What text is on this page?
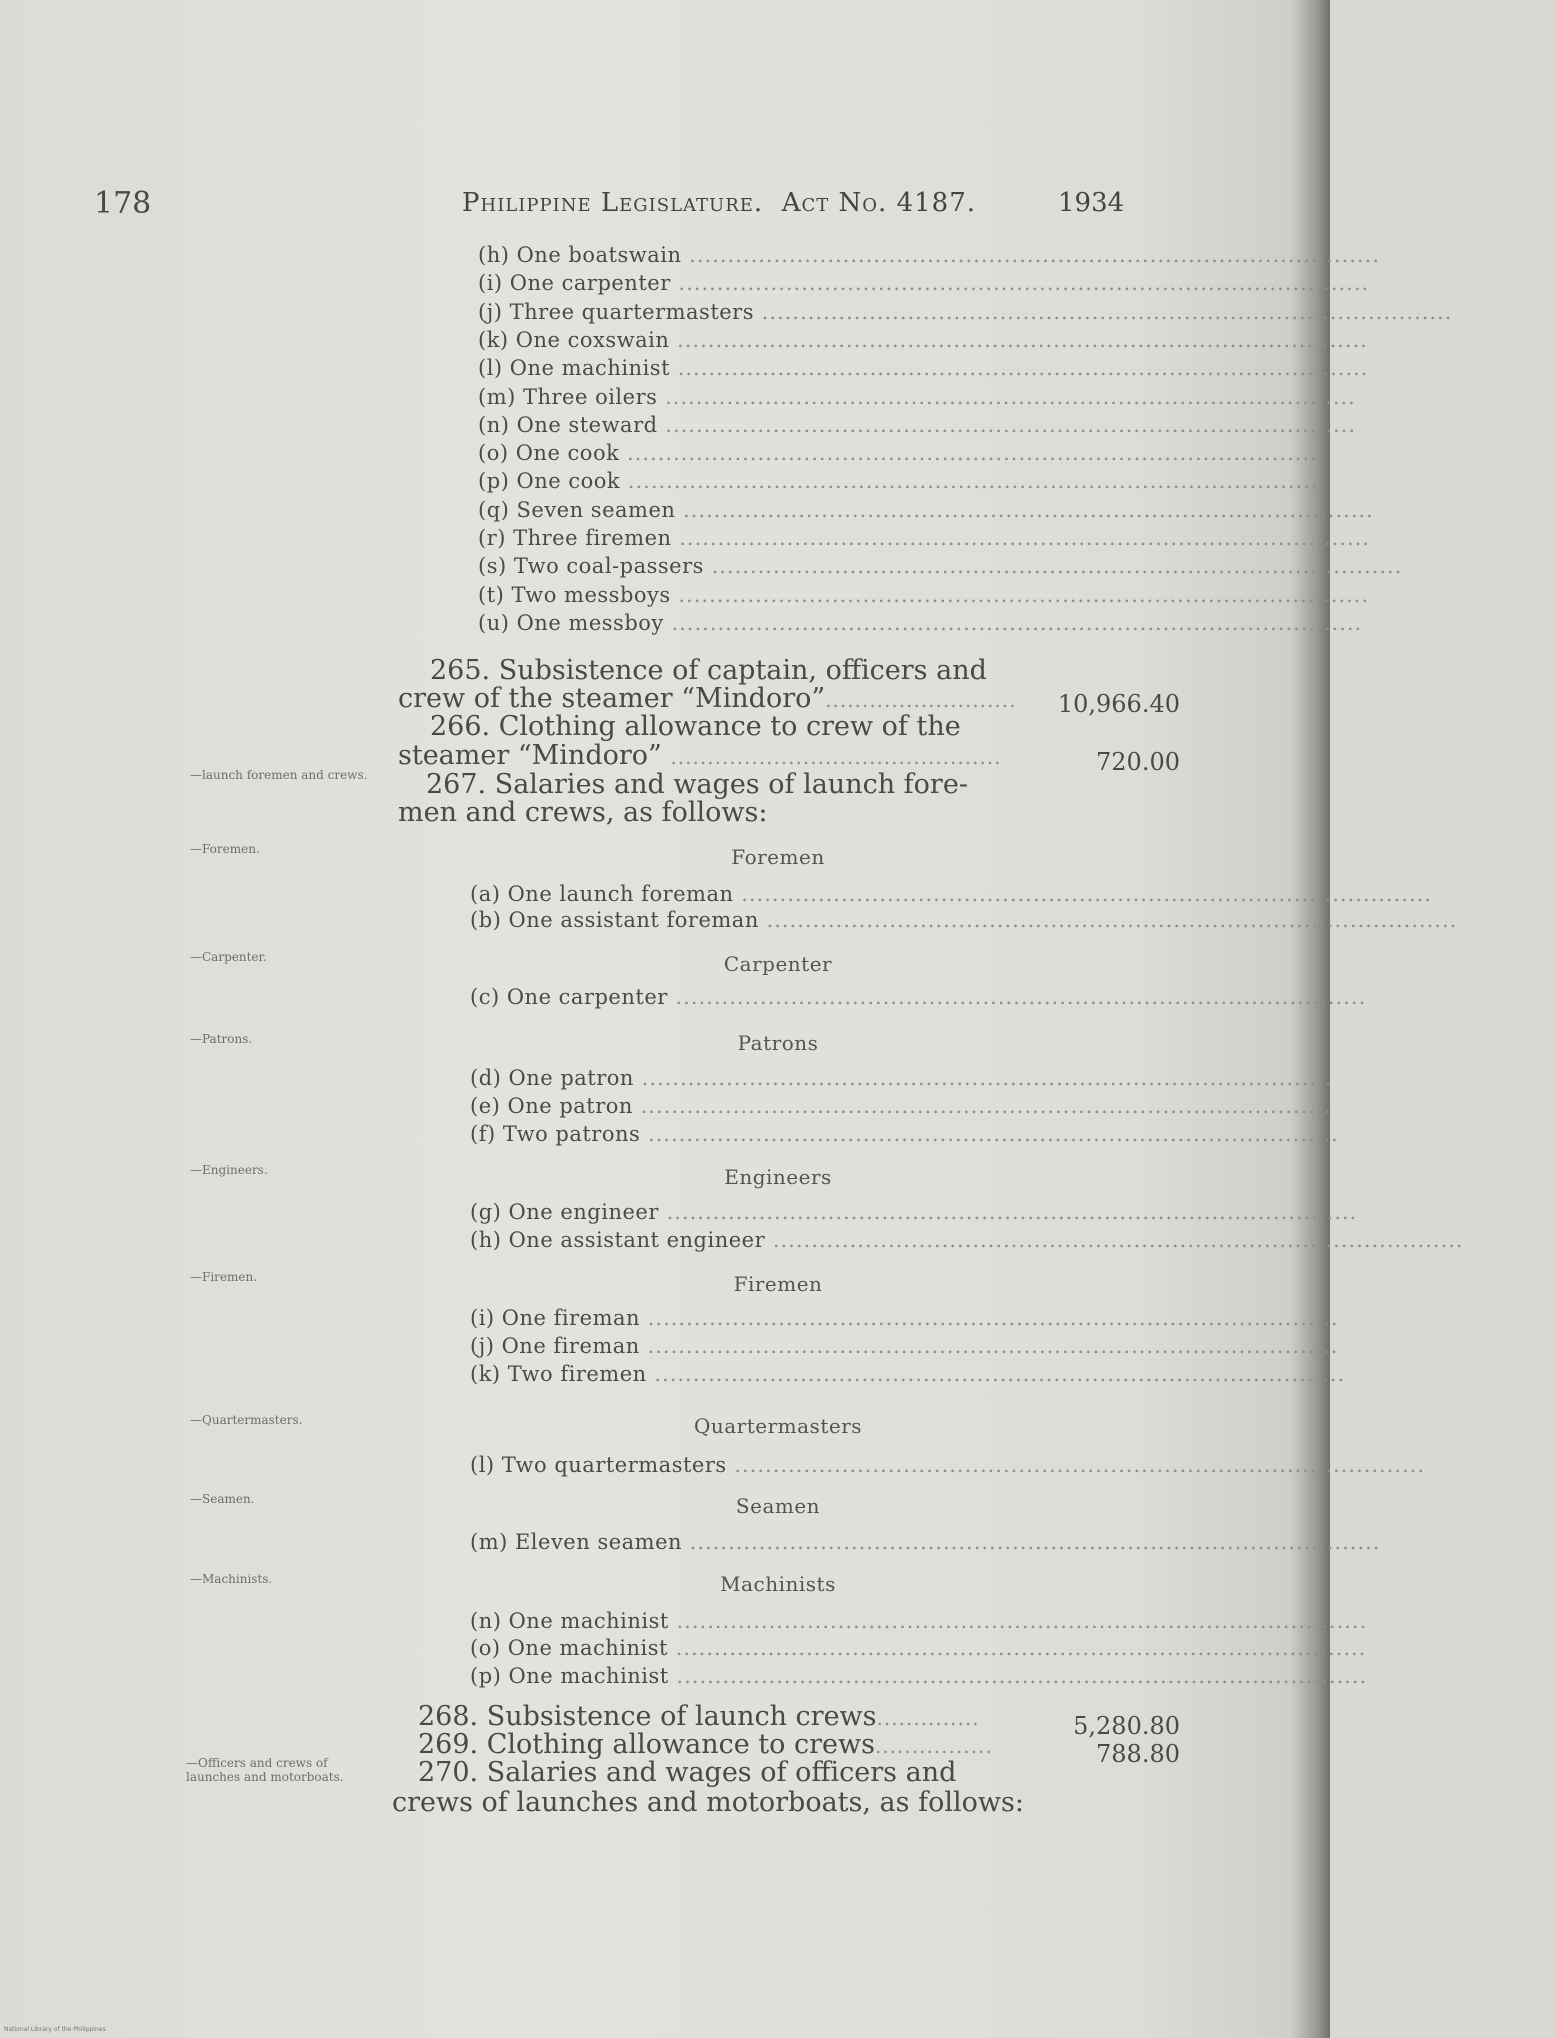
178	Philippine Legislature. Act No. 4187.	1934
(h) One boatswain ..........................................................................................
(i) One carpenter ..........................................................................................
(j) Three quartermasters ..........................................................................................
(k) One coxswain ..........................................................................................
(l) One machinist ..........................................................................................
(m) Three oilers ..........................................................................................
(n) One steward ..........................................................................................
(o) One cook ..........................................................................................
(p) One cook ..........................................................................................
(q) Seven seamen ..........................................................................................
(r) Three firemen ..........................................................................................
(s) Two coal-passers ..........................................................................................
(t) Two messboys ..........................................................................................
(u) One messboy ..........................................................................................
265. Subsistence of captain, officers and
crew of the steamer “Mindoro”.......................... 10,966.40
266. Clothing allowance to crew of the
steamer “Mindoro” .............................................	720.00
—launch foremen and crews.	267. Salaries and wages of launch fore-
men and crews, as follows:
—Foremen.	Foremen
(a) One launch foreman ..........................................................................................
(b) One assistant foreman ..........................................................................................
—Carpenter.	Carpenter
(c) One carpenter ..........................................................................................
—Patrons.	Patrons
(d) One patron ..........................................................................................
(e) One patron ..........................................................................................
(f) Two patrons ..........................................................................................
—Engineers.	Engineers
(g) One engineer ..........................................................................................
(h) One assistant engineer ..........................................................................................
—Firemen.	Firemen
(i) One fireman ..........................................................................................
(j) One fireman ..........................................................................................
(k) Two firemen ..........................................................................................
—Quartermasters.	Quartermasters
(l) Two quartermasters ..........................................................................................
—Seamen.	Seamen
(m) Eleven seamen ..........................................................................................
—Machinists.	Machinists
(n) One machinist ..........................................................................................
(o) One machinist ..........................................................................................
(p) One machinist ..........................................................................................
268. Subsistence of launch crews..............	5,280.80
269. Clothing allowance to crews................	788.80
—Officers and crews of launches and motorboats.	270. Salaries and wages of officers and
crews of launches and motorboats, as follows:
National Library of the Philippines
